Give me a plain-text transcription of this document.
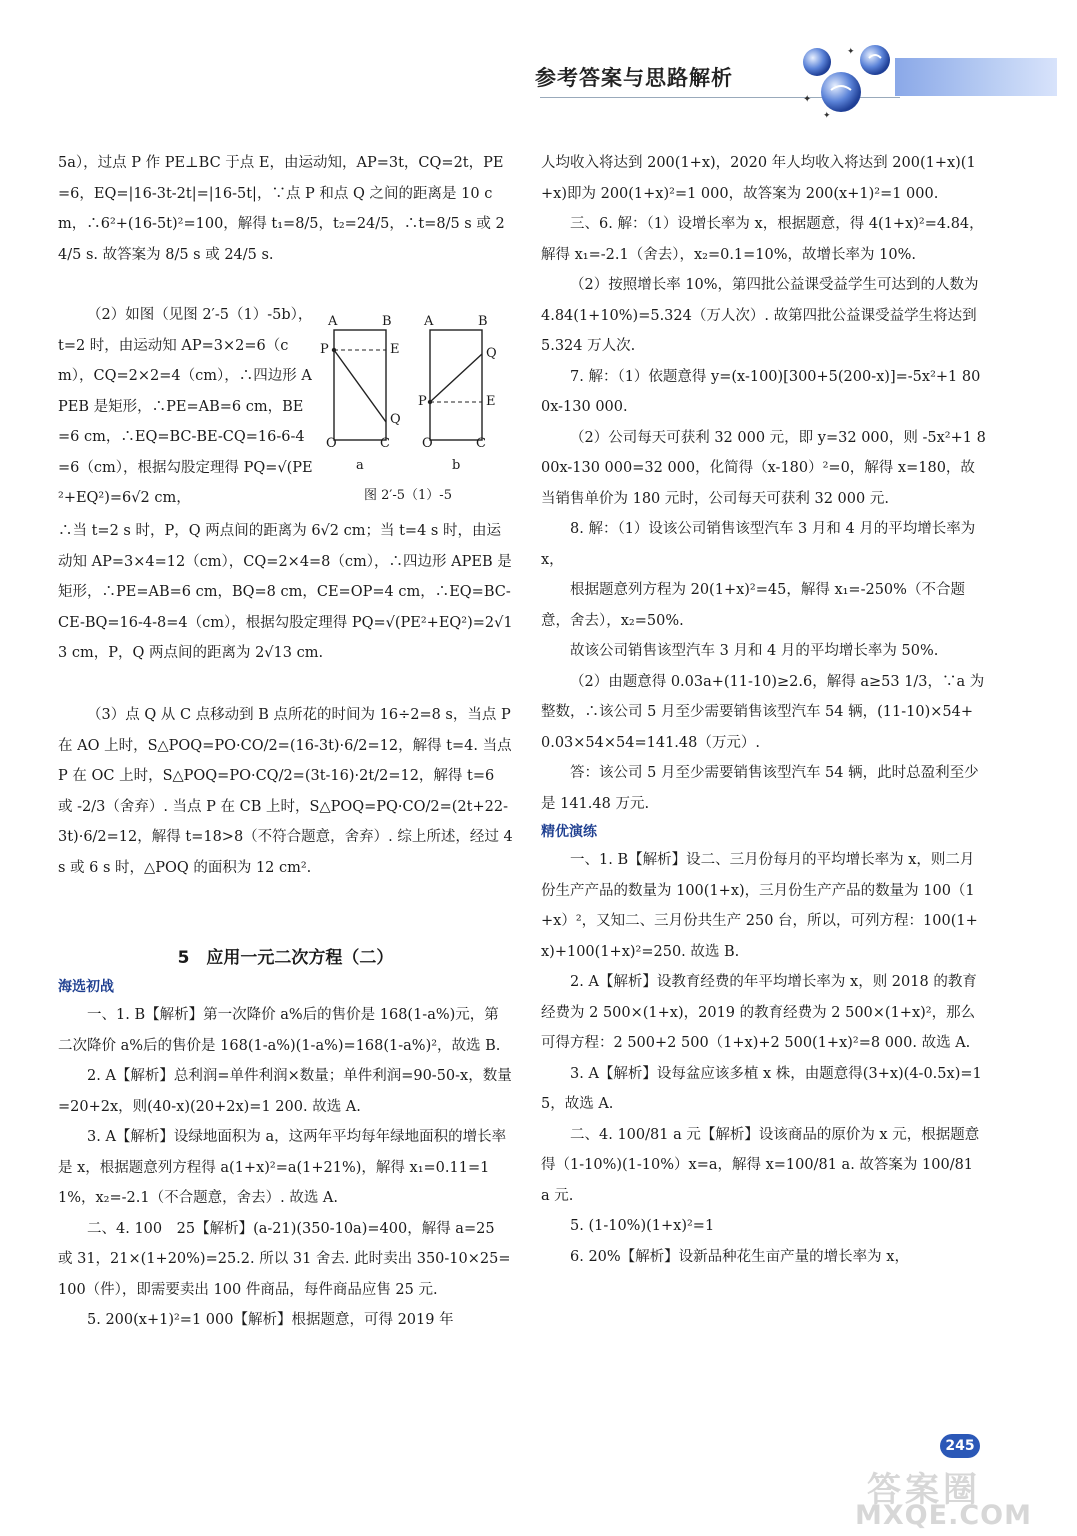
参考答案与思路解析
✦
✦
✦

5a），过点 P 作 PE⊥BC 于点 E，由运动知，AP=3t，CQ=2t，PE=6，EQ=|16-3t-2t|=|16-5t|，∵点 P 和点 Q 之间的距离是 10 cm，∴6²+(16-5t)²=100，解得 t₁=8/5，t₂=24/5，∴t=8/5 s 或 24/5 s. 故答案为 8/5 s 或 24/5 s.

（2）如图（见图 2′-5（1）-5b），t=2 时，由运动知 AP=3×2=6（cm），CQ=2×2=4（cm），∴四边形 APEB 是矩形，∴PE=AB=6 cm，BE=6 cm，∴EQ=BC-BE-CQ=16-6-4=6（cm），根据勾股定理得 PQ=√(PE²+EQ²)=6√2 cm，

∴当 t=2 s 时，P，Q 两点间的距离为 6√2 cm；当 t=4 s 时，由运动知 AP=3×4=12（cm），CQ=2×4=8（cm），∴四边形 APEB 是矩形，∴PE=AB=6 cm，BQ=8 cm，CE=OP=4 cm，∴EQ=BC-CE-BQ=16-4-8=4（cm），根据勾股定理得 PQ=√(PE²+EQ²)=2√13 cm，P，Q 两点间的距离为 2√13 cm.

（3）点 Q 从 C 点移动到 B 点所花的时间为 16÷2=8 s，当点 P 在 AO 上时，S△POQ=PO·CO/2=(16-3t)·6/2=12，解得 t=4. 当点 P 在 OC 上时，S△POQ=PO·CQ/2=(3t-16)·2t/2=12，解得 t=6 或 -2/3（舍弃）. 当点 P 在 CB 上时，S△POQ=PQ·CO/2=(2t+22-3t)·6/2=12，解得 t=18>8（不符合题意，舍弃）. 综上所述，经过 4 s 或 6 s 时，△POQ 的面积为 12 cm².

5　应用一元二次方程（二）
海选初战

一、1. B【解析】第一次降价 a%后的售价是 168(1-a%)元，第二次降价 a%后的售价是 168(1-a%)(1-a%)=168(1-a%)²，故选 B.

2. A【解析】总利润=单件利润×数量；单件利润=90-50-x，数量=20+2x，则(40-x)(20+2x)=1 200. 故选 A.

3. A【解析】设绿地面积为 a，这两年平均每年绿地面积的增长率是 x，根据题意列方程得 a(1+x)²=a(1+21%)，解得 x₁=0.11=11%，x₂=-2.1（不合题意，舍去）. 故选 A.

二、4. 100　25【解析】(a-21)(350-10a)=400，解得 a=25 或 31，21×(1+20%)=25.2. 所以 31 舍去. 此时卖出 350-10×25=100（件），即需要卖出 100 件商品，每件商品应售 25 元.

5. 200(x+1)²=1 000【解析】根据题意，可得 2019 年

A	B
P	E
Q
O	C
A	B
Q
P	E
O	C
a	b
图 2′-5（1）-5

人均收入将达到 200(1+x)，2020 年人均收入将达到 200(1+x)(1+x)即为 200(1+x)²=1 000，故答案为 200(x+1)²=1 000.

三、6. 解：（1）设增长率为 x，根据题意，得 4(1+x)²=4.84，解得 x₁=-2.1（舍去），x₂=0.1=10%，故增长率为 10%.

（2）按照增长率 10%，第四批公益课受益学生可达到的人数为 4.84(1+10%)=5.324（万人次）. 故第四批公益课受益学生将达到 5.324 万人次.

7. 解：（1）依题意得 y=(x-100)[300+5(200-x)]=-5x²+1 800x-130 000.

（2）公司每天可获利 32 000 元，即 y=32 000，则 -5x²+1 800x-130 000=32 000，化简得（x-180）²=0，解得 x=180，故当销售单价为 180 元时，公司每天可获利 32 000 元.

8. 解：（1）设该公司销售该型汽车 3 月和 4 月的平均增长率为 x，

根据题意列方程为 20(1+x)²=45，解得 x₁=-250%（不合题意，舍去），x₂=50%.

故该公司销售该型汽车 3 月和 4 月的平均增长率为 50%.

（2）由题意得 0.03a+(11-10)≥2.6，解得 a≥53 1/3，∵a 为整数，∴该公司 5 月至少需要销售该型汽车 54 辆，(11-10)×54+0.03×54×54=141.48（万元）.

答：该公司 5 月至少需要销售该型汽车 54 辆，此时总盈利至少是 141.48 万元.

精优演练

一、1. B【解析】设二、三月份每月的平均增长率为 x，则二月份生产产品的数量为 100(1+x)，三月份生产产品的数量为 100（1+x）²，又知二、三月份共生产 250 台，所以，可列方程：100(1+x)+100(1+x)²=250. 故选 B.

2. A【解析】设教育经费的年平均增长率为 x，则 2018 的教育经费为 2 500×(1+x)，2019 的教育经费为 2 500×(1+x)²，那么可得方程：2 500+2 500（1+x)+2 500(1+x)²=8 000. 故选 A.

3. A【解析】设每盆应该多植 x 株，由题意得(3+x)(4-0.5x)=15，故选 A.

二、4. 100/81 a 元【解析】设该商品的原价为 x 元，根据题意得（1-10%)(1-10%）x=a，解得 x=100/81 a. 故答案为 100/81 a 元.

5. (1-10%)(1+x)²=1

6. 20%【解析】设新品种花生亩产量的增长率为 x，

245
答案圈
MXQE.COM
